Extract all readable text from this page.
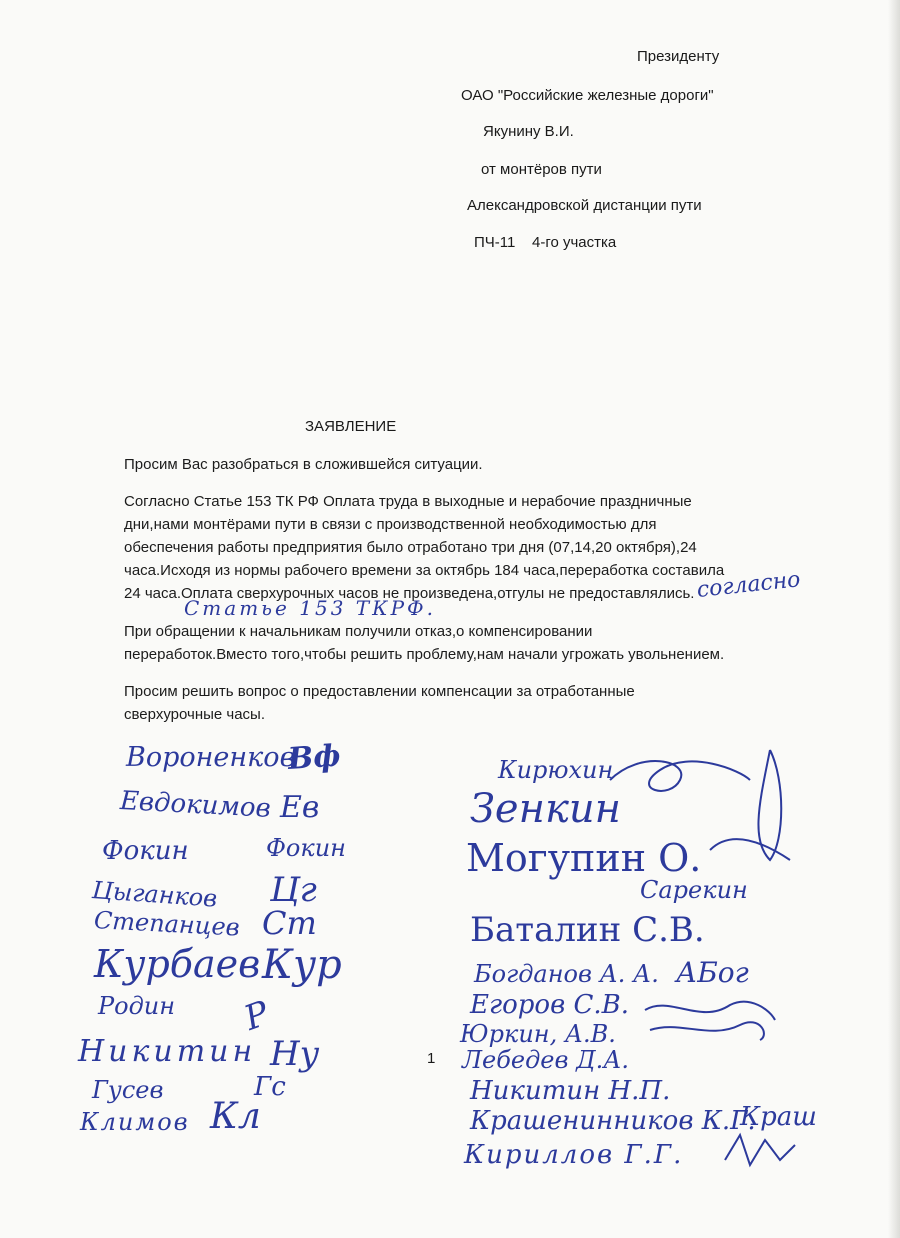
Президенту
ОАО "Российские железные дороги"
Якунину В.И.
от монтёров пути
Александровской дистанции пути
ПЧ-11 4-го участка
ЗАЯВЛЕНИЕ
Просим Вас разобраться в сложившейся ситуации.
Согласно Статье 153 ТК РФ Оплата труда в выходные и нерабочие праздничные
дни,нами монтёрами пути в связи с производственной необходимостью для
обеспечения работы предприятия было отработано три дня (07,14,20 октября),24
часа.Исходя из нормы рабочего времени за октябрь 184 часа,переработка составила
24 часа.Оплата сверхурочных часов не произведена,отгулы не предоставлялись. согласно
Статье 153 ТКРФ.
При обращении к начальникам получили отказ,о компенсировании
переработок.Вместо того,чтобы решить проблему,нам начали угрожать увольнением.
Просим решить вопрос о предоставлении компенсации за отработанные
сверхурочные часы.
Вороненков
Вф
Евдокимов Ев
Фокин	Фокин
Цыганков Цг
Степанцев Ст
Курбаев Кур
Родин Р
Никитин Ну
Гусев	Гс
Климов Кл
Кирюхин
Зенкин
Могупин О.
Сарекин
Баталин С.В.
Богданов А. А. АБог
Егоров С.В.
Юркин, А.В.
Лебедев Д.А.
Никитин Н.П.
Крашенинников К.Г.
Краш
Кириллов Г.Г.
1
